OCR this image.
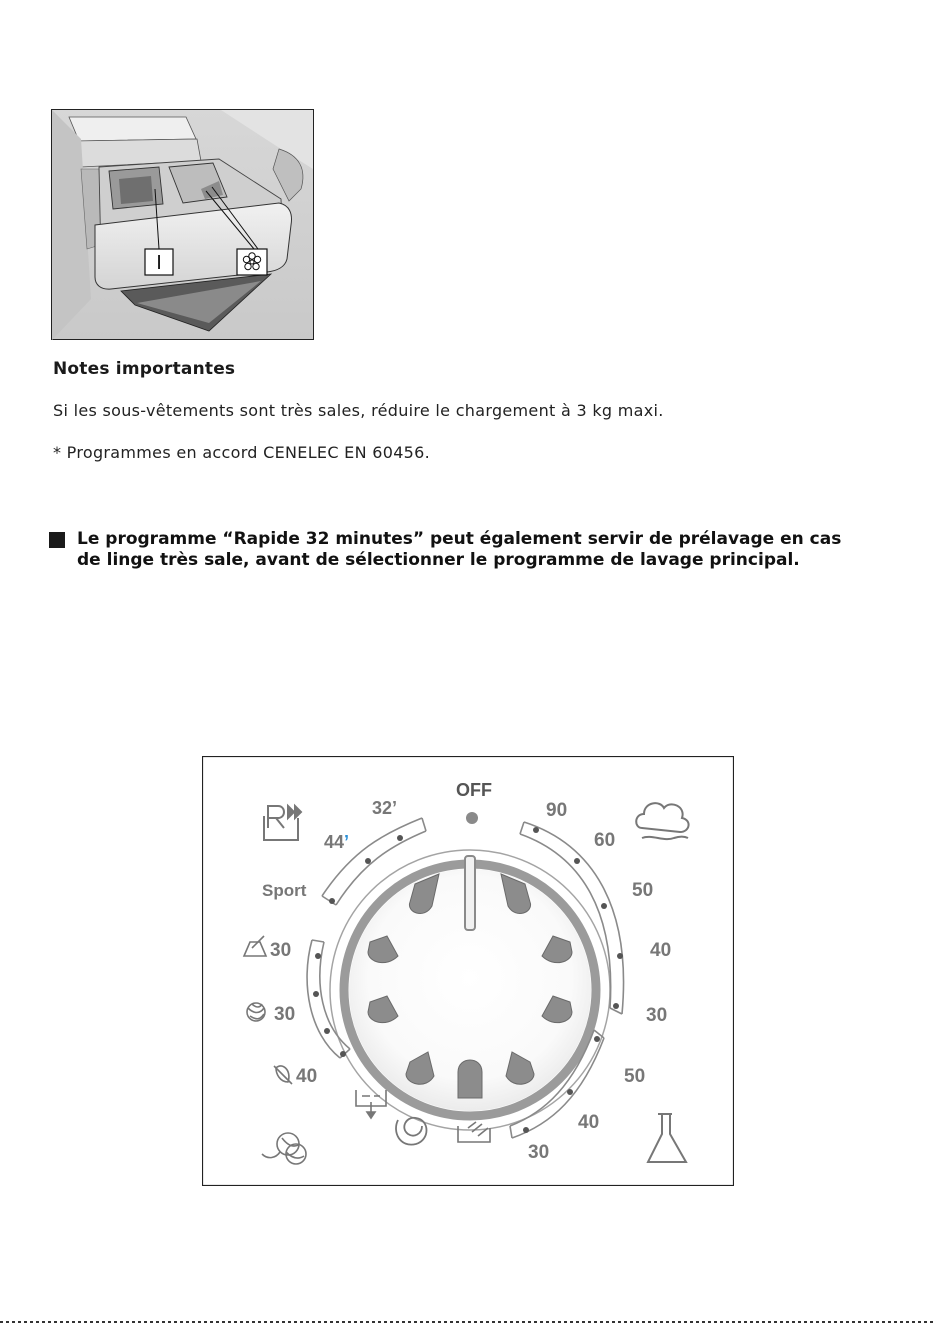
I
Notes importantes
Si les sous-vêtements sont très sales, réduire le chargement à 3 kg maxi.
* Programmes en accord CENELEC EN 60456.
Le programme “Rapide 32 minutes” peut également servir de prélavage en cas
de linge très sale, avant de sélectionner le programme de lavage principal.
OFF
32’
44’
Sport
30
30
40
90
60
50
40
30
50
40
30
